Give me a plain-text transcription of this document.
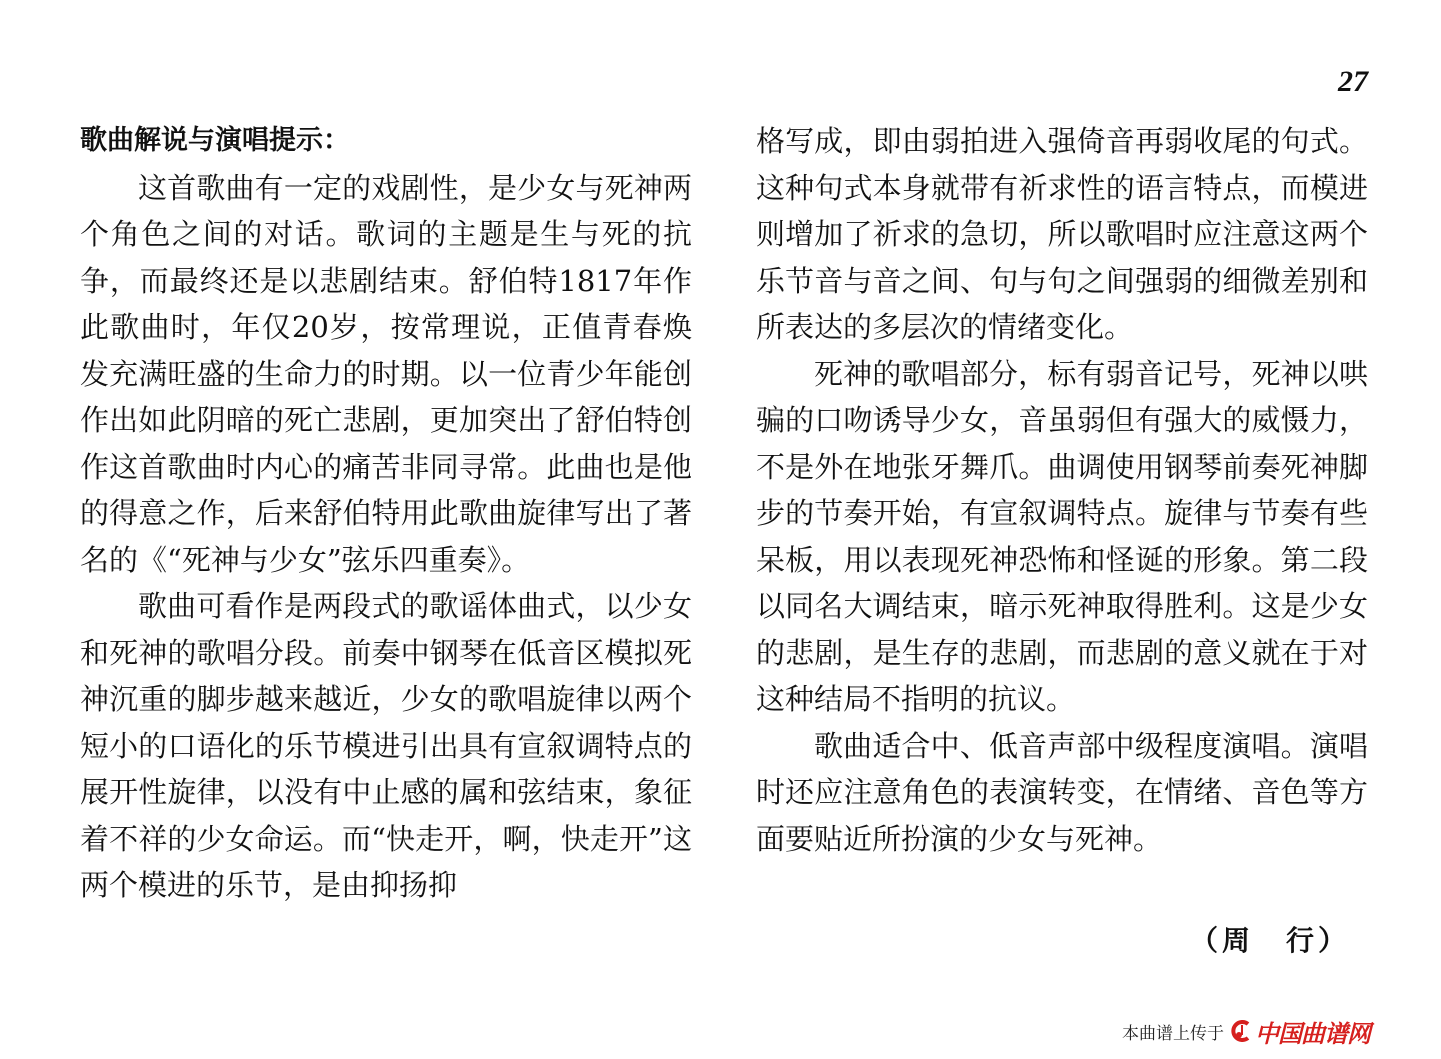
27

歌曲解说与演唱提示：

这首歌曲有一定的戏剧性，是少女与死神两个角色之间的对话。歌词的主题是生与死的抗争，而最终还是以悲剧结束。舒伯特1817年作此歌曲时，年仅20岁，按常理说，正值青春焕发充满旺盛的生命力的时期。以一位青少年能创作出如此阴暗的死亡悲剧，更加突出了舒伯特创作这首歌曲时内心的痛苦非同寻常。此曲也是他的得意之作，后来舒伯特用此歌曲旋律写出了著名的《“死神与少女”弦乐四重奏》。

歌曲可看作是两段式的歌谣体曲式，以少女和死神的歌唱分段。前奏中钢琴在低音区模拟死神沉重的脚步越来越近，少女的歌唱旋律以两个短小的口语化的乐节模进引出具有宣叙调特点的展开性旋律，以没有中止感的属和弦结束，象征着不祥的少女命运。而“快走开，啊，快走开”这两个模进的乐节，是由抑扬抑

格写成，即由弱拍进入强倚音再弱收尾的句式。这种句式本身就带有祈求性的语言特点，而模进则增加了祈求的急切，所以歌唱时应注意这两个乐节音与音之间、句与句之间强弱的细微差别和所表达的多层次的情绪变化。

死神的歌唱部分，标有弱音记号，死神以哄骗的口吻诱导少女，音虽弱但有强大的威慑力，不是外在地张牙舞爪。曲调使用钢琴前奏死神脚步的节奏开始，有宣叙调特点。旋律与节奏有些呆板，用以表现死神恐怖和怪诞的形象。第二段以同名大调结束，暗示死神取得胜利。这是少女的悲剧，是生存的悲剧，而悲剧的意义就在于对这种结局不指明的抗议。

歌曲适合中、低音声部中级程度演唱。演唱时还应注意角色的表演转变，在情绪、音色等方面要贴近所扮演的少女与死神。

（周　行）
本曲谱上传于 中国曲谱网
